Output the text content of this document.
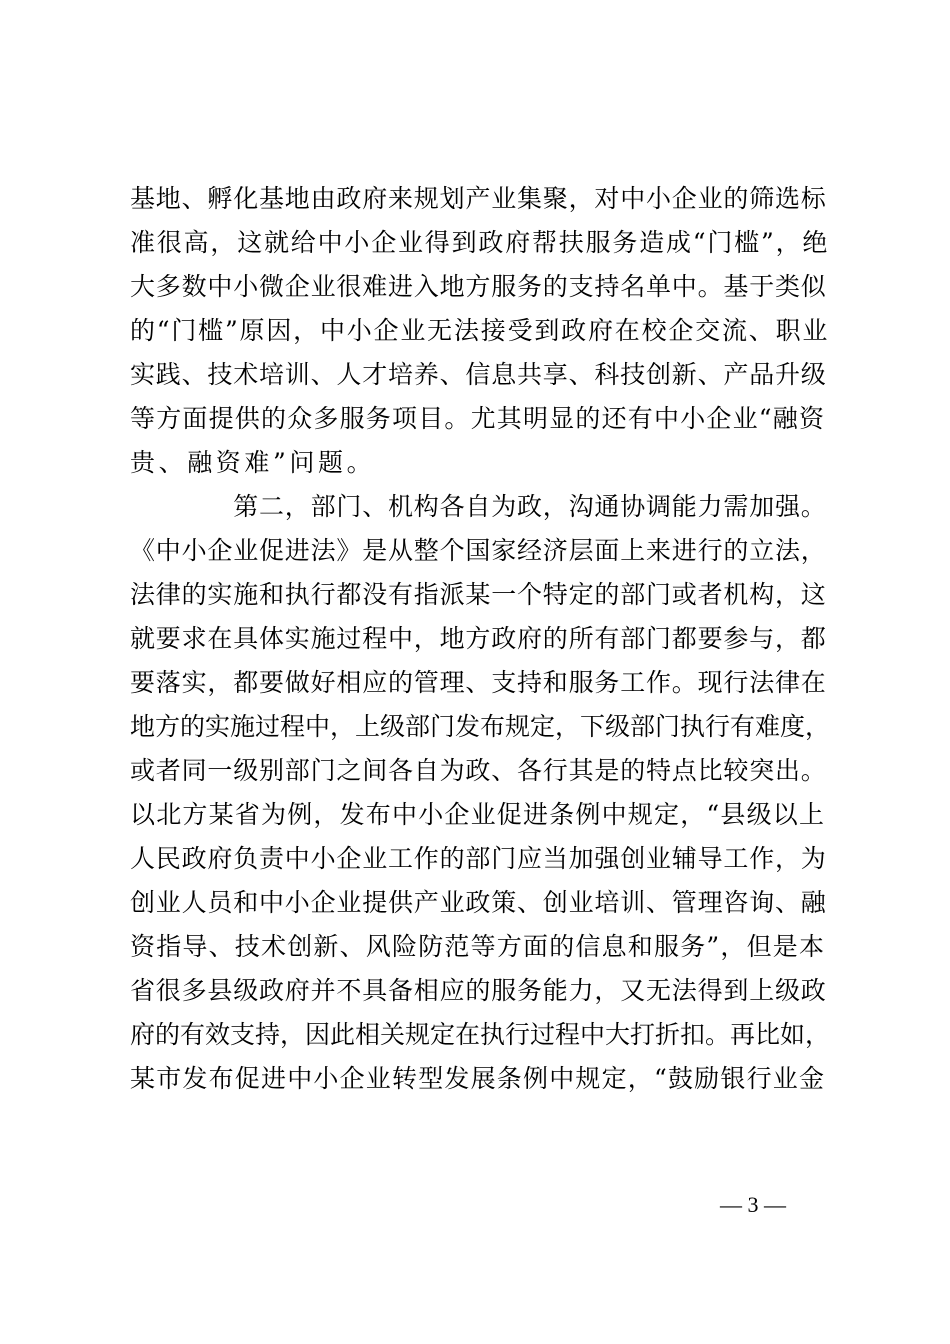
基地、孵化基地由政府来规划产业集聚，对中小企业的筛选标
准很高，这就给中小企业得到政府帮扶服务造成“门槛”，绝
大多数中小微企业很难进入地方服务的支持名单中。基于类似
的“门槛”原因，中小企业无法接受到政府在校企交流、职业
实践、技术培训、人才培养、信息共享、科技创新、产品升级
等方面提供的众多服务项目。尤其明显的还有中小企业“融资
贵、融资难”问题。
　　　　第二，部门、机构各自为政，沟通协调能力需加强。
《中小企业促进法》是从整个国家经济层面上来进行的立法，
法律的实施和执行都没有指派某一个特定的部门或者机构，这
就要求在具体实施过程中，地方政府的所有部门都要参与，都
要落实，都要做好相应的管理、支持和服务工作。现行法律在
地方的实施过程中，上级部门发布规定，下级部门执行有难度，
或者同一级别部门之间各自为政、各行其是的特点比较突出。
以北方某省为例，发布中小企业促进条例中规定，“县级以上
人民政府负责中小企业工作的部门应当加强创业辅导工作，为
创业人员和中小企业提供产业政策、创业培训、管理咨询、融
资指导、技术创新、风险防范等方面的信息和服务”，但是本
省很多县级政府并不具备相应的服务能力，又无法得到上级政
府的有效支持，因此相关规定在执行过程中大打折扣。再比如，
某市发布促进中小企业转型发展条例中规定，“鼓励银行业金
— 3 —
